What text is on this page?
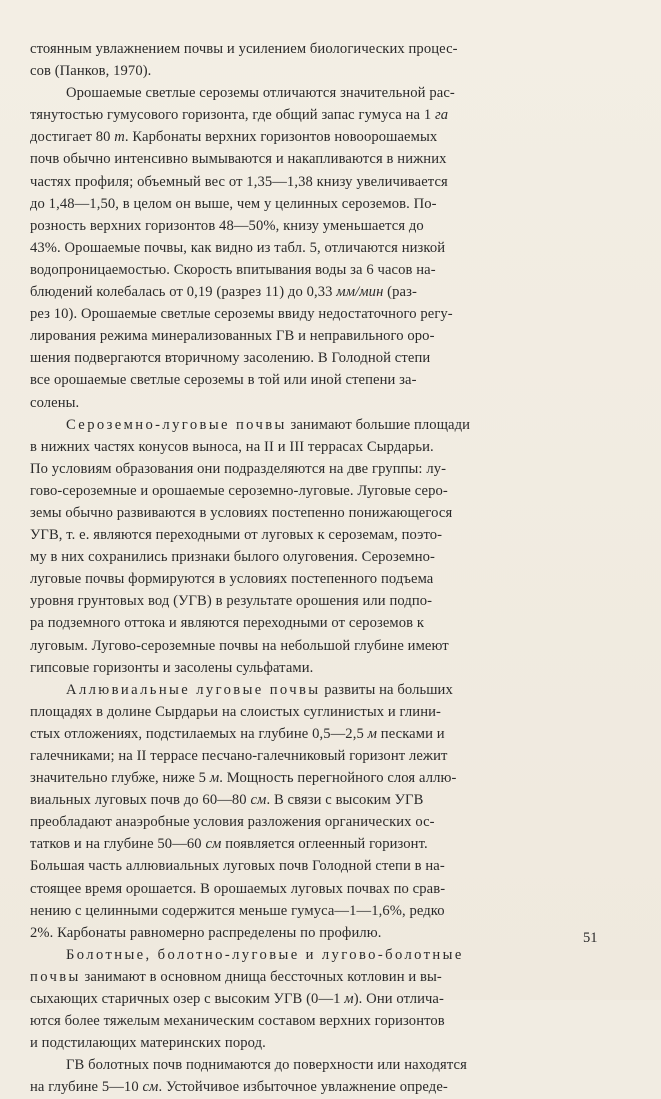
стоянным увлажнением почвы и усилением биологических процес-

сов (Панков, 1970).

Орошаемые светлые сероземы отличаются значительной рас-

тянутостью гумусового горизонта, где общий запас гумуса на 1 га

достигает 80 т. Карбонаты верхних горизонтов новоорошаемых

почв обычно интенсивно вымываются и накапливаются в нижних

частях профиля; объемный вес от 1,35—1,38 книзу увеличивается

до 1,48—1,50, в целом он выше, чем у целинных сероземов. По-

розность верхних горизонтов 48—50%, книзу уменьшается до

43%. Орошаемые почвы, как видно из табл. 5, отличаются низкой

водопроницаемостью. Скорость впитывания воды за 6 часов на-

блюдений колебалась от 0,19 (разрез 11) до 0,33 мм/мин (раз-

рез 10). Орошаемые светлые сероземы ввиду недостаточного регу-

лирования режима минерализованных ГВ и неправильного оро-

шения подвергаются вторичному засолению. В Голодной степи

все орошаемые светлые сероземы в той или иной степени за-

солены.

Сероземно-луговые почвы занимают большие площади

в нижних частях конусов выноса, на II и III террасах Сырдарьи.

По условиям образования они подразделяются на две группы: лу-

гово-сероземные и орошаемые сероземно-луговые. Луговые серо-

земы обычно развиваются в условиях постепенно понижающегося

УГВ, т. е. являются переходными от луговых к сероземам, поэто-

му в них сохранились признаки былого олуговения. Сероземно-

луговые почвы формируются в условиях постепенного подъема

уровня грунтовых вод (УГВ) в результате орошения или подпо-

ра подземного оттока и являются переходными от сероземов к

луговым. Лугово-сероземные почвы на небольшой глубине имеют

гипсовые горизонты и засолены сульфатами.

Аллювиальные луговые почвы развиты на больших

площадях в долине Сырдарьи на слоистых суглинистых и глини-

стых отложениях, подстилаемых на глубине 0,5—2,5 м песками и

галечниками; на II террасе песчано-галечниковый горизонт лежит

значительно глубже, ниже 5 м. Мощность перегнойного слоя аллю-

виальных луговых почв до 60—80 см. В связи с высоким УГВ

преобладают анаэробные условия разложения органических ос-

татков и на глубине 50—60 см появляется оглеенный горизонт.

Большая часть аллювиальных луговых почв Голодной степи в на-

стоящее время орошается. В орошаемых луговых почвах по срав-

нению с целинными содержится меньше гумуса—1—1,6%, редко

2%. Карбонаты равномерно распределены по профилю.

Болотные, болотно-луговые и лугово-болотные

почвы занимают в основном днища бессточных котловин и вы-

сыхающих старичных озер с высоким УГВ (0—1 м). Они отлича-

ются более тяжелым механическим составом верхних горизонтов

и подстилающих материнских пород.

ГВ болотных почв поднимаются до поверхности или находятся

на глубине 5—10 см. Устойчивое избыточное увлажнение опреде-

51
